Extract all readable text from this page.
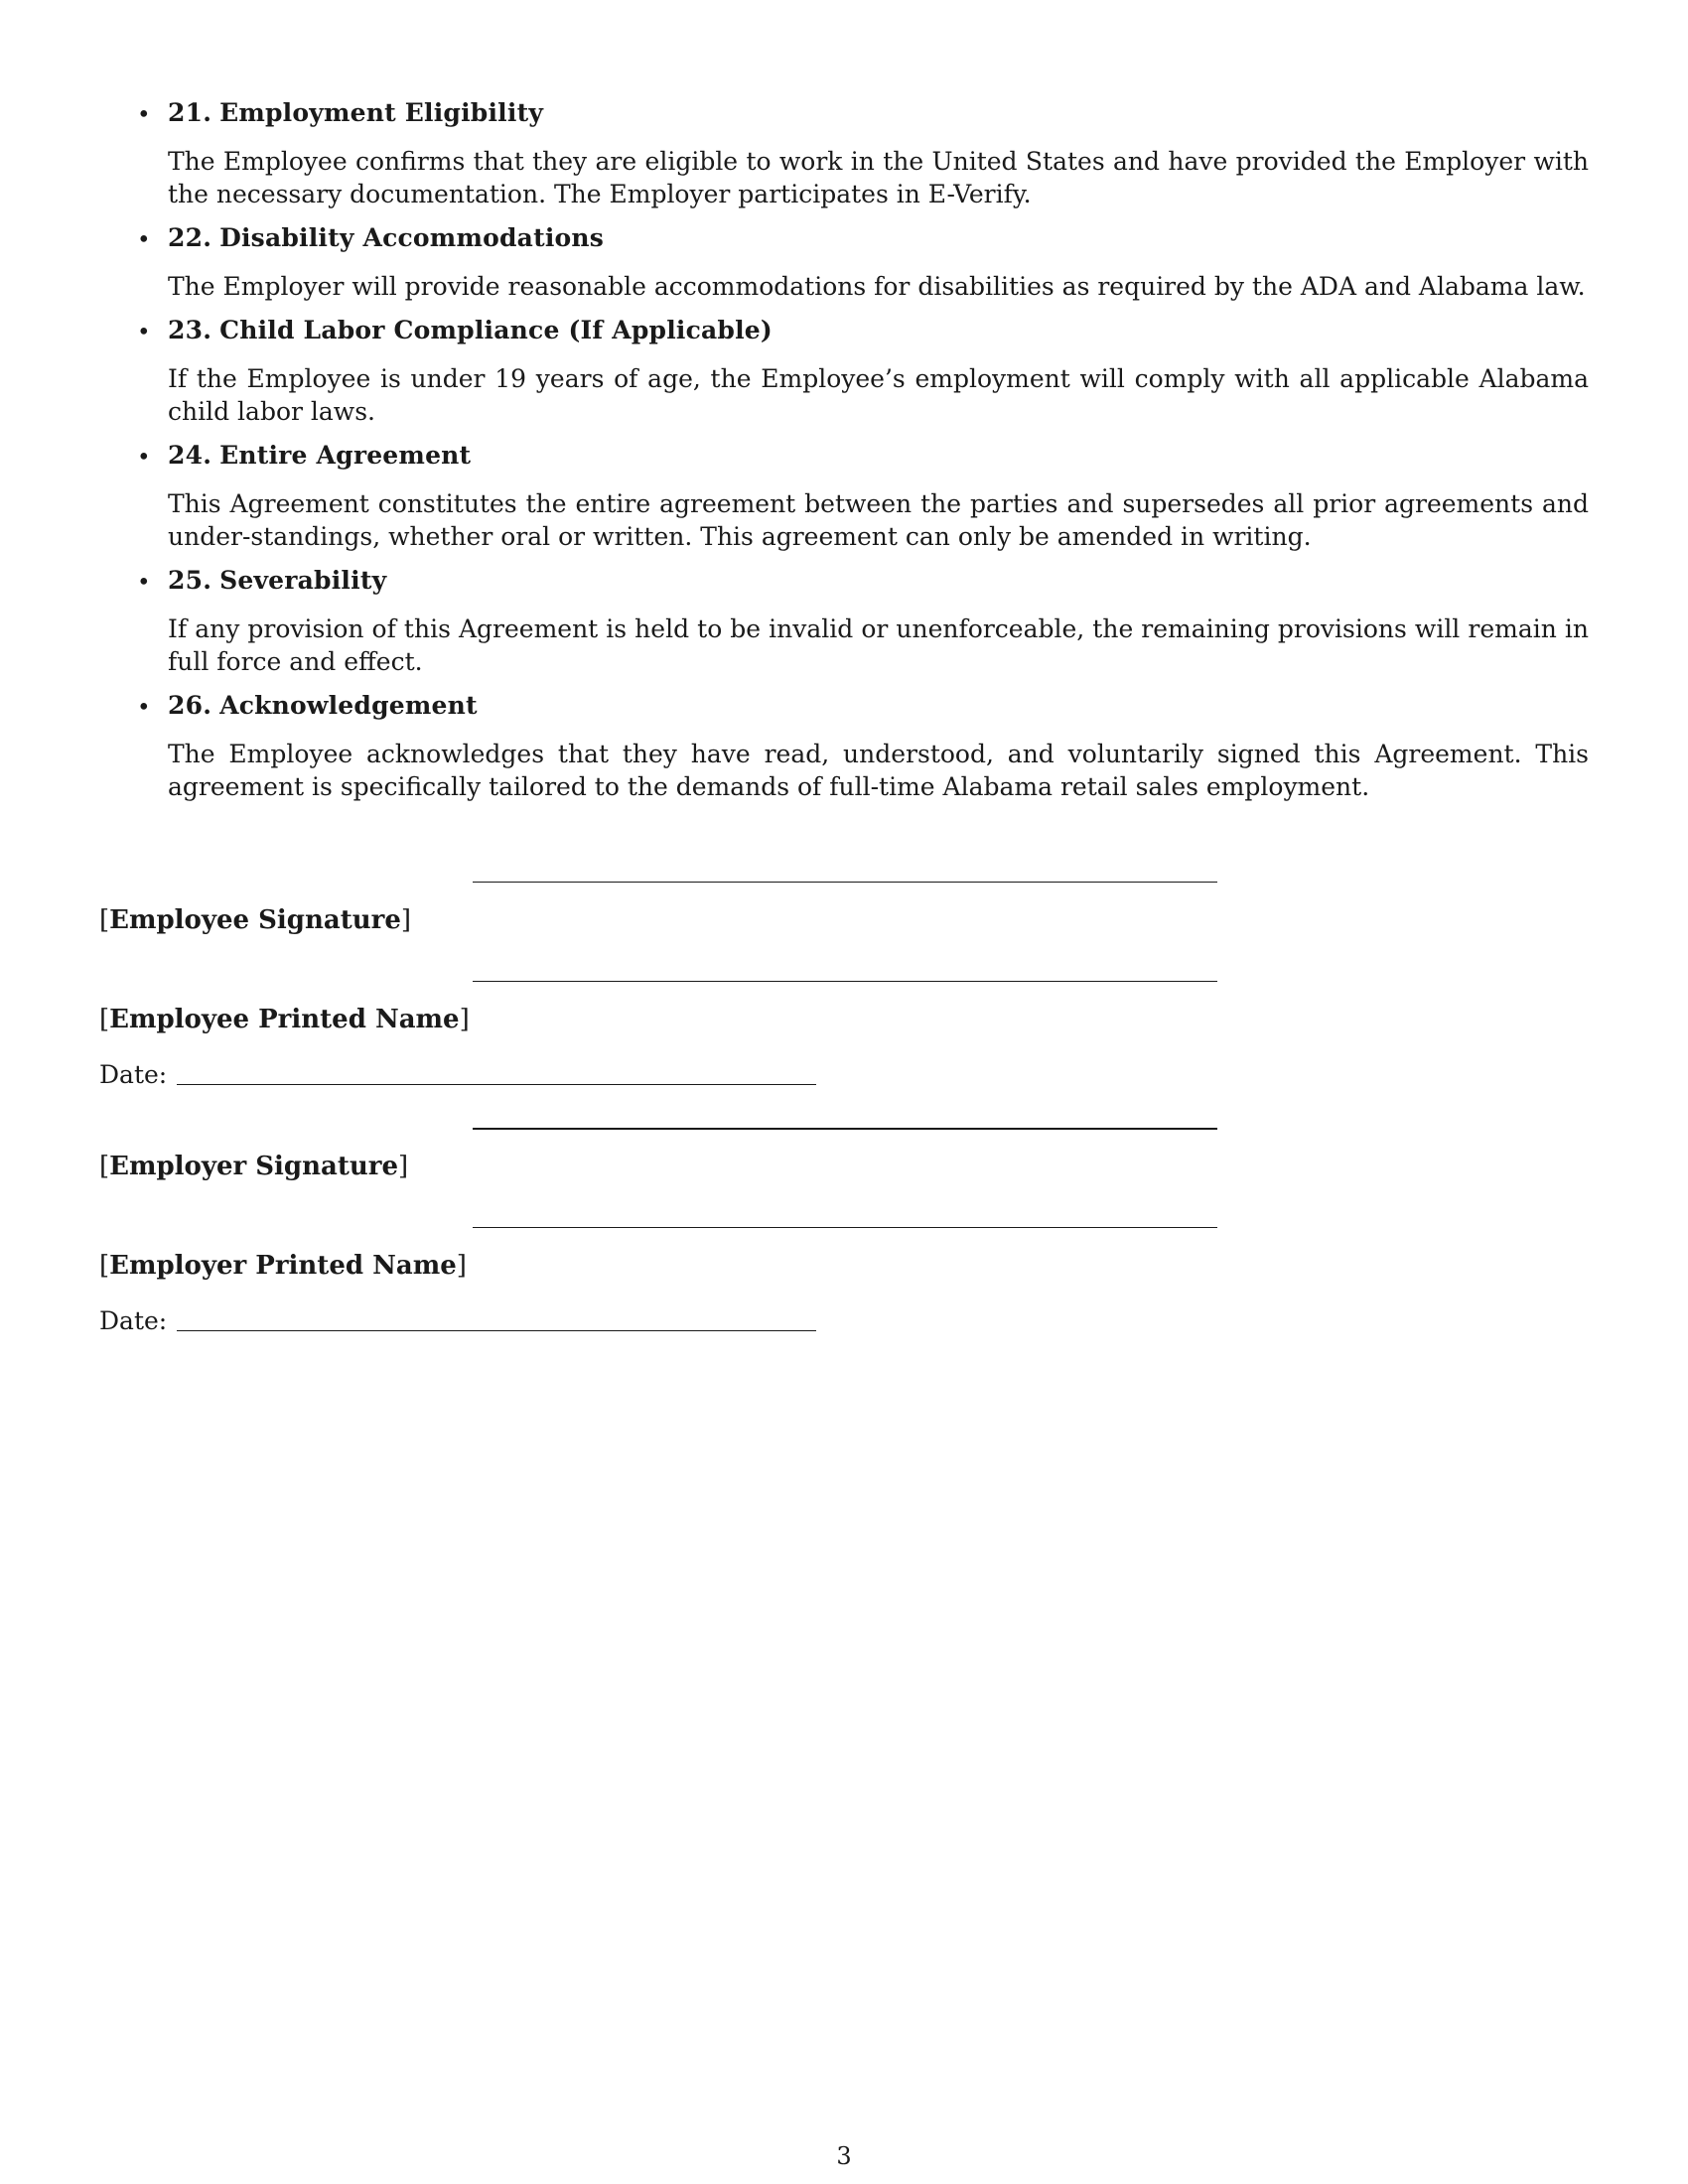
• 21. Employment Eligibility

The Employee confirms that they are eligible to work in the United States and have provided the Employer with the necessary documentation. The Employer participates in E-Verify.

• 22. Disability Accommodations

The Employer will provide reasonable accommodations for disabilities as required by the ADA and Alabama law.

• 23. Child Labor Compliance (If Applicable)

If the Employee is under 19 years of age, the Employee’s employment will comply with all applicable Alabama child labor laws.

• 24. Entire Agreement

This Agreement constitutes the entire agreement between the parties and supersedes all prior agreements and under-standings, whether oral or written. This agreement can only be amended in writing.

• 25. Severability

If any provision of this Agreement is held to be invalid or unenforceable, the remaining provisions will remain in full force and effect.

• 26. Acknowledgement

The Employee acknowledges that they have read, understood, and voluntarily signed this Agreement. This agreement is specifically tailored to the demands of full-time Alabama retail sales employment.

[Employee Signature]
[Employee Printed Name]
Date:
[Employer Signature]
[Employer Printed Name]
Date:
3
